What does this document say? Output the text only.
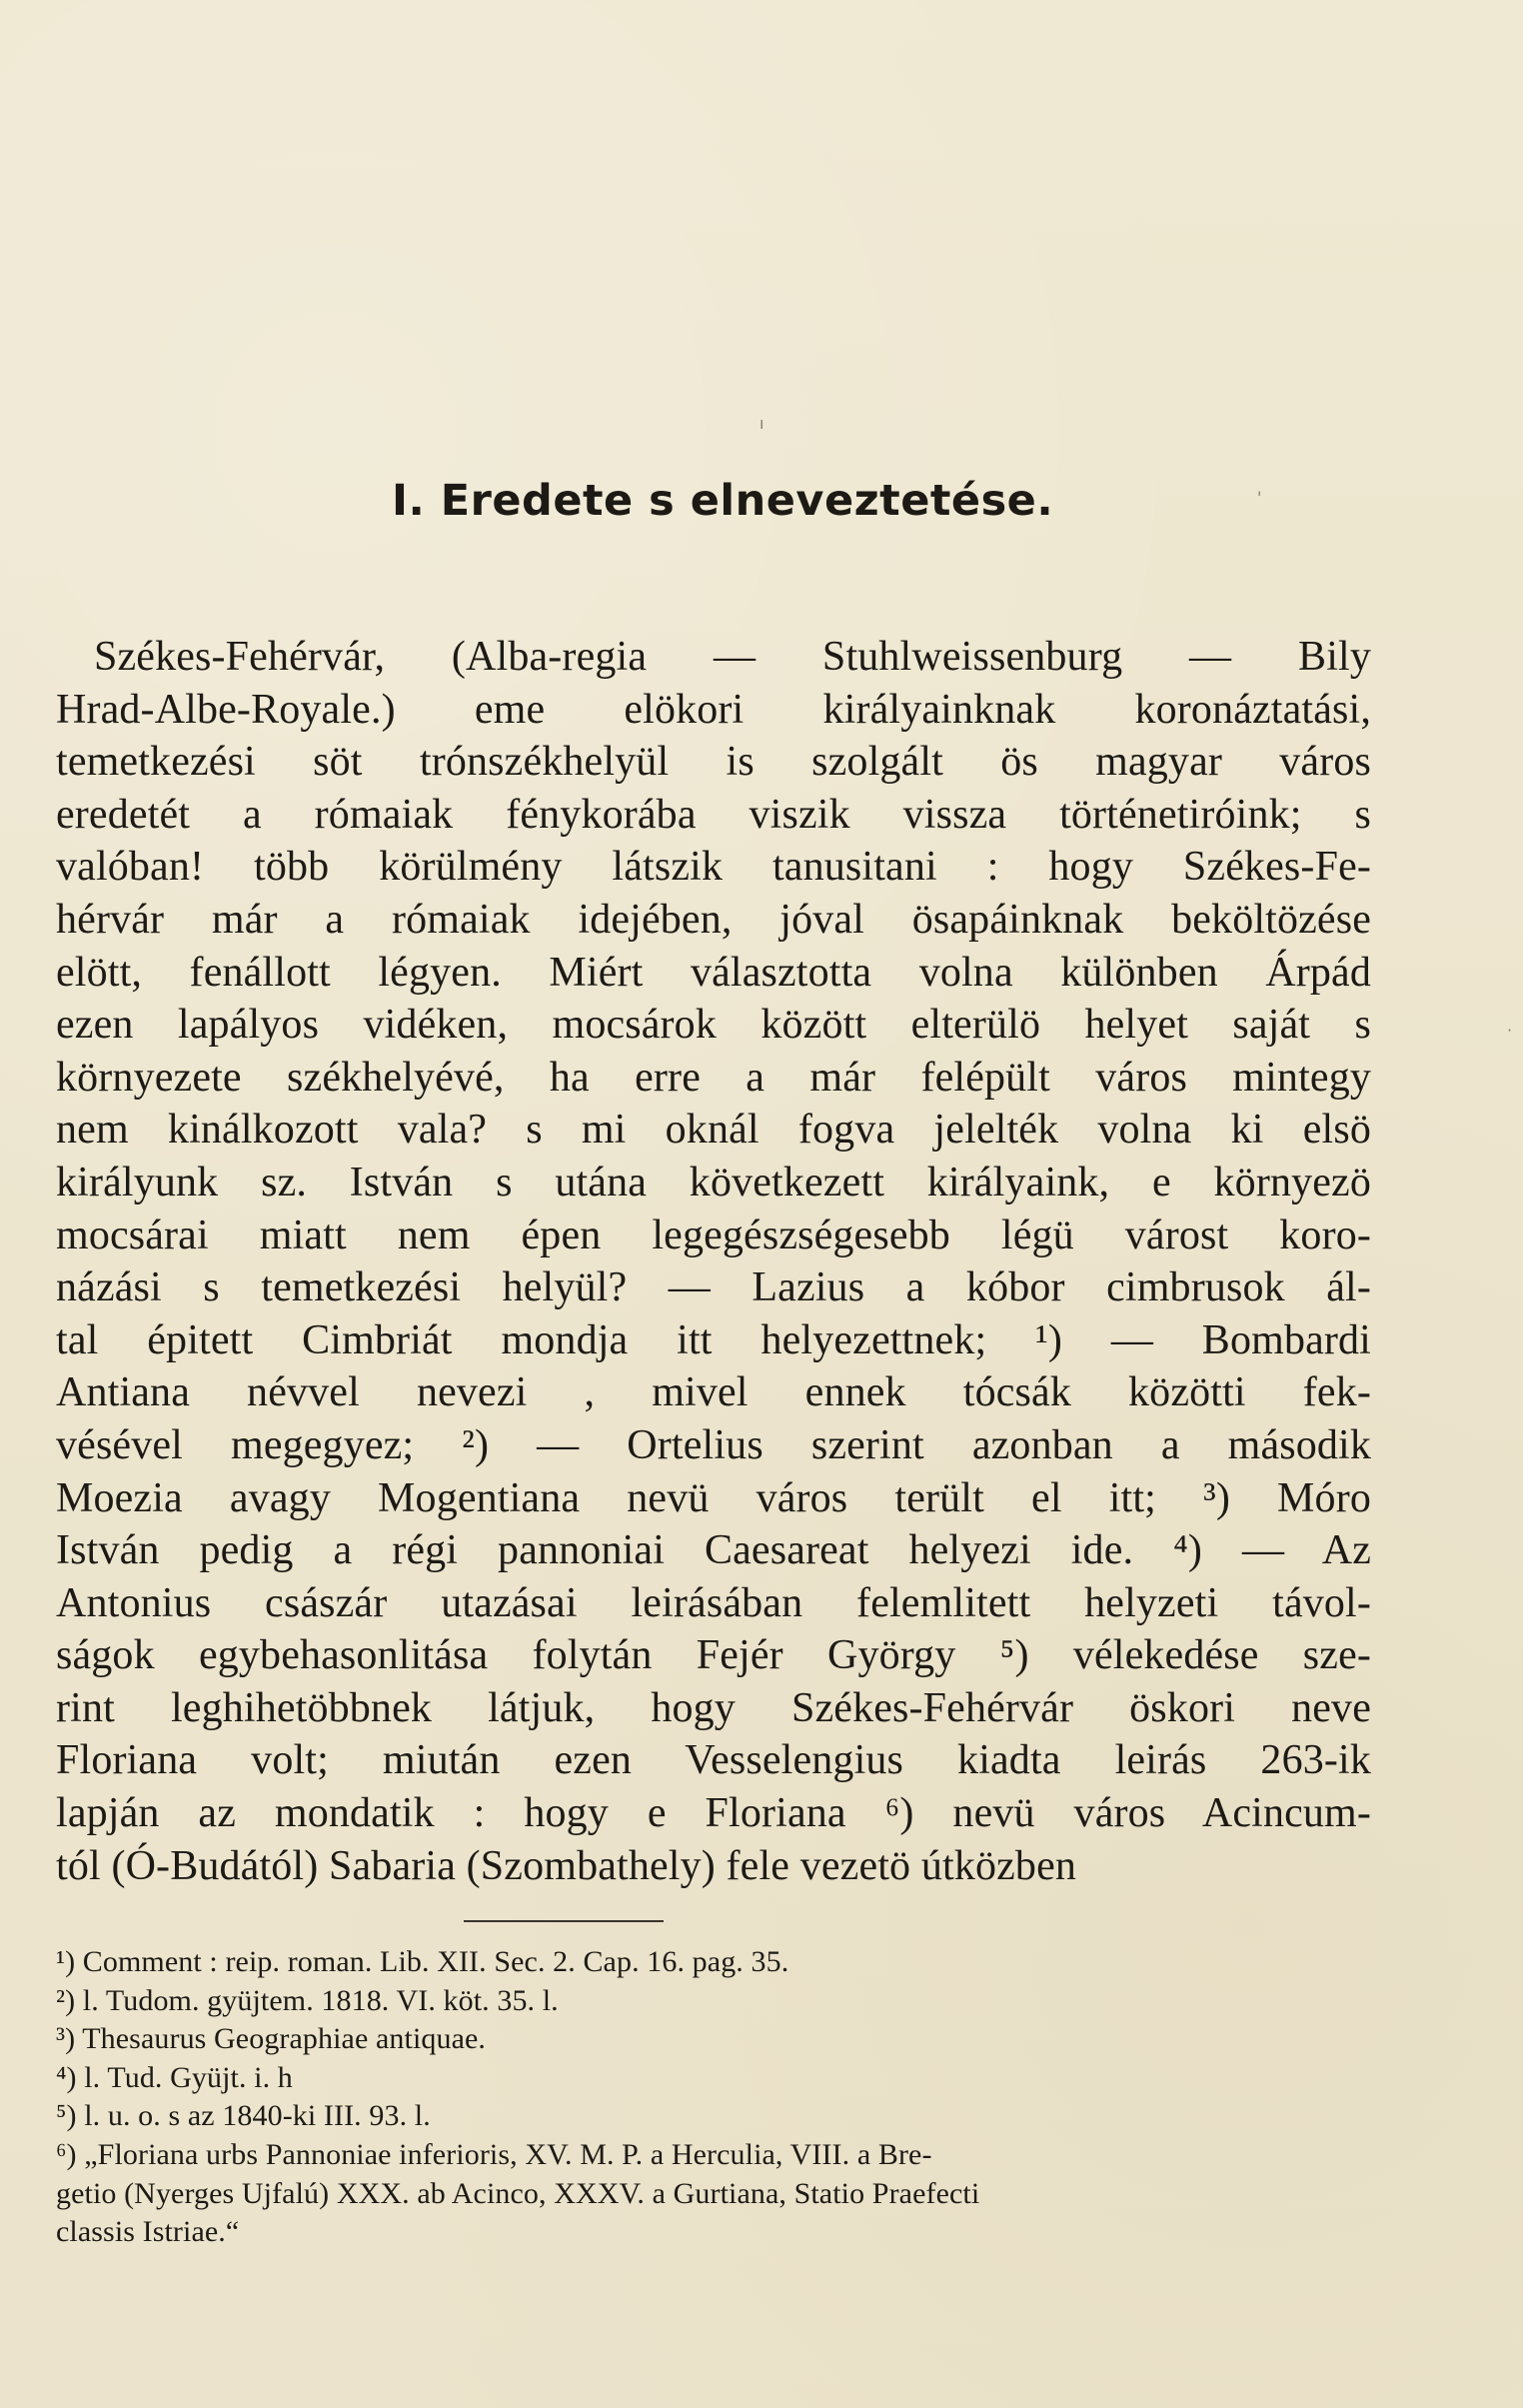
ı
'
·
I. Eredete s elneveztetése.
Székes-Fehérvár, (Alba-regia — Stuhlweissenburg — Bily
Hrad-Albe-Royale.) eme elökori királyainknak koronáztatási,
temetkezési söt trónszékhelyül is szolgált ös magyar város
eredetét a rómaiak fénykorába viszik vissza történetiróink; s
valóban! több körülmény látszik tanusitani : hogy Székes-Fe-
hérvár már a rómaiak idejében, jóval ösapáinknak beköltözése
elött, fenállott légyen. Miért választotta volna különben Árpád
ezen lapályos vidéken, mocsárok között elterülö helyet saját s
környezete székhelyévé, ha erre a már felépült város mintegy
nem kinálkozott vala? s mi oknál fogva jelelték volna ki elsö
királyunk sz. István s utána következett királyaink, e környezö
mocsárai miatt nem épen legegészségesebb légü várost koro-
názási s temetkezési helyül? — Lazius a kóbor cimbrusok ál-
tal épitett Cimbriát mondja itt helyezettnek; ¹) — Bombardi
Antiana névvel nevezi , mivel ennek tócsák közötti fek-
vésével megegyez; ²) — Ortelius szerint azonban a második
Moezia avagy Mogentiana nevü város terült el itt; ³) Móro
István pedig a régi pannoniai Caesareat helyezi ide. ⁴) — Az
Antonius császár utazásai leirásában felemlitett helyzeti távol-
ságok egybehasonlitása folytán Fejér György ⁵) vélekedése sze-
rint leghihetöbbnek látjuk, hogy Székes-Fehérvár öskori neve
Floriana volt; miután ezen Vesselengius kiadta leirás 263-ik
lapján az mondatik : hogy e Floriana ⁶) nevü város Acincum-
tól (Ó-Budától) Sabaria (Szombathely) fele vezetö útközben
¹) Comment : reip. roman. Lib. XII. Sec. 2. Cap. 16. pag. 35.
²) l. Tudom. gyüjtem. 1818. VI. köt. 35. l.
³) Thesaurus Geographiae antiquae.
⁴) l. Tud. Gyüjt. i. h
⁵) l. u. o. s az 1840-ki III. 93. l.
⁶) „Floriana urbs Pannoniae inferioris, XV. M. P. a Herculia, VIII. a Bre-
getio (Nyerges Ujfalú) XXX. ab Acinco, XXXV. a Gurtiana, Statio Praefecti
classis Istriae.“
